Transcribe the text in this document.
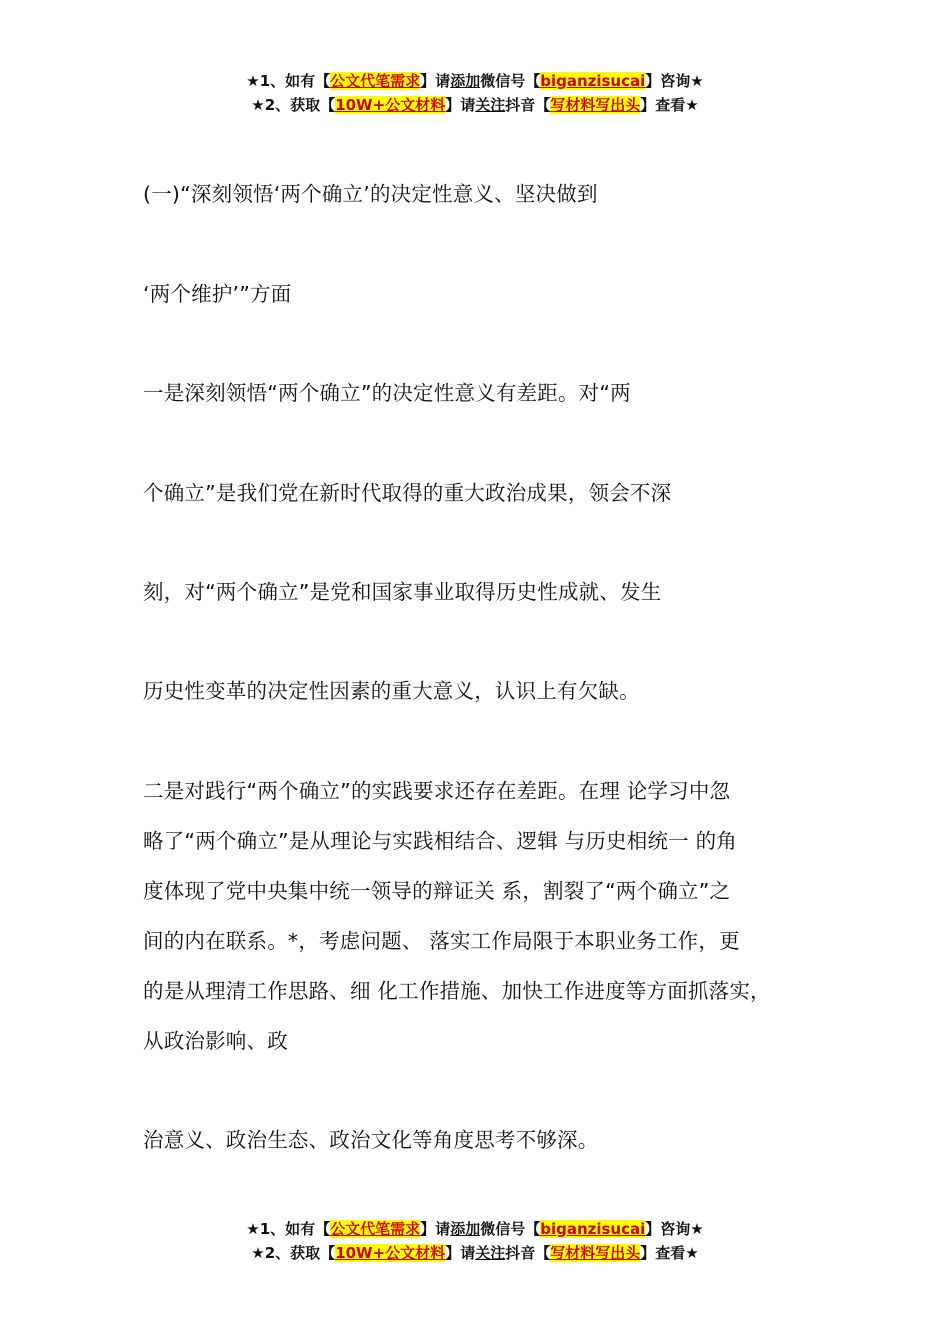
★1、如有【公文代笔需求】请添加微信号【biganzisucai】咨询★
★2、获取【10W+公文材料】请关注抖音【写材料写出头】查看★
(一)“深刻领悟‘两个确立’的决定性意义、坚决做到
‘两个维护’”方面
一是深刻领悟“两个确立”的决定性意义有差距。对“两
个确立”是我们党在新时代取得的重大政治成果，领会不深
刻，对“两个确立”是党和国家事业取得历史性成就、发生
历史性变革的决定性因素的重大意义，认识上有欠缺。
二是对践行“两个确立”的实践要求还存在差距。在理 论学习中忽
略了“两个确立”是从理论与实践相结合、逻辑 与历史相统一 的角
度体现了党中央集中统一领导的辩证关 系，割裂了“两个确立”之
间的内在联系。*，考虑问题、 落实工作局限于本职业务工作，更
的是从理清工作思路、细 化工作措施、加快工作进度等方面抓落实，
从政治影响、政
治意义、政治生态、政治文化等角度思考不够深。
★1、如有【公文代笔需求】请添加微信号【biganzisucai】咨询★
★2、获取【10W+公文材料】请关注抖音【写材料写出头】查看★
